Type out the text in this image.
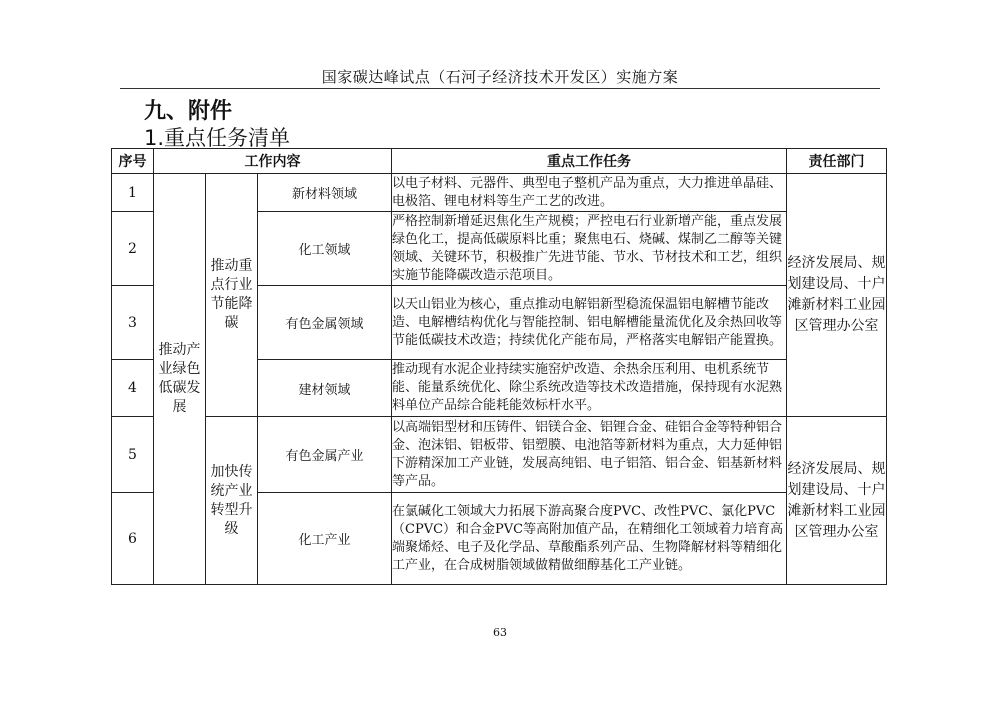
国家碳达峰试点（石河子经济技术开发区）实施方案
九、附件
1.重点任务清单
序号	工作内容			重点工作任务	责任部门
1	推动产业绿色低碳发展	推动重点行业节能降碳	新材料领域	以电子材料、元器件、典型电子整机产品为重点，大力推进单晶硅、电极箔、锂电材料等生产工艺的改进。	经济发展局、规划建设局、十户滩新材料工业园区管理办公室
2			化工领域	严格控制新增延迟焦化生产规模；严控电石行业新增产能，重点发展绿色化工，提高低碳原料比重；聚焦电石、烧碱、煤制乙二醇等关键领域、关键环节，积极推广先进节能、节水、节材技术和工艺，组织实施节能降碳改造示范项目。	
3			有色金属领域	以天山铝业为核心，重点推动电解铝新型稳流保温铝电解槽节能改造、电解槽结构优化与智能控制、铝电解槽能量流优化及余热回收等节能低碳技术改造；持续优化产能布局，严格落实电解铝产能置换。	
4			建材领域	推动现有水泥企业持续实施窑炉改造、余热余压利用、电机系统节能、能量系统优化、除尘系统改造等技术改造措施，保持现有水泥熟料单位产品综合能耗能效标杆水平。	
5		加快传统产业转型升级	有色金属产业	以高端铝型材和压铸件、铝镁合金、铝锂合金、硅铝合金等特种铝合金、泡沫铝、铝板带、铝塑膜、电池箔等新材料为重点，大力延伸铝下游精深加工产业链，发展高纯铝、电子铝箔、铝合金、铝基新材料等产品。	经济发展局、规划建设局、十户滩新材料工业园区管理办公室
6			化工产业	在氯碱化工领域大力拓展下游高聚合度PVC、改性PVC、氯化PVC（CPVC）和合金PVC等高附加值产品，在精细化工领域着力培育高端聚烯烃、电子及化学品、草酸酯系列产品、生物降解材料等精细化工产业，在合成树脂领域做精做细醇基化工产业链。	
63
